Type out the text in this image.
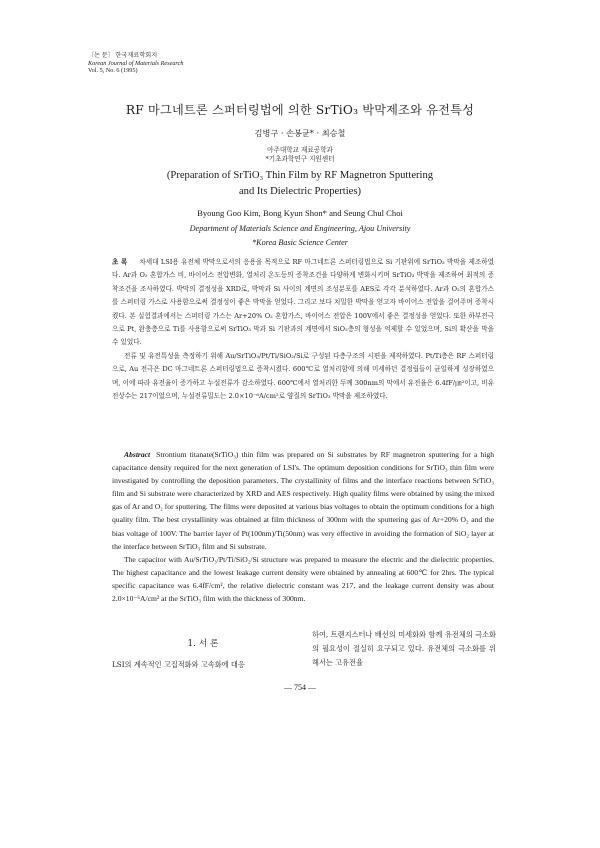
〔논 문〕 한국재료학회지
Korean Journal of Materials Research
Vol. 5, No. 6 (1995)
RF 마그네트론 스퍼터링법에 의한 SrTiO₃ 박막제조와 유전특성
김병구 · 손봉균* · 최승철
아주대학교 재료공학과
*기초과학연구 지원센터
(Preparation of SrTiO₃ Thin Film by RF Magnetron Sputtering
and Its Dielectric Properties)
Byoung Goo Kim, Bong Kyun Shon* and Seung Chul Choi
Department of Materials Science and Engineering, Ajou University
*Korea Basic Science Center

초 록 차세대 LSI용 유전체 박막으로서의 응용을 목적으로 RF 마그네트론 스퍼터링법으로 Si 기판위에 SrTiO₃ 박막을 제조하였다. Ar과 O₂ 혼합가스 비, 바이어스 전압변화, 열처리 온도등의 증착조건을 다양하게 변화시키며 SrTiO₃ 박막을 제조하여 최적의 증착조건을 조사하였다. 박막의 결정성을 XRD로, 박막과 Si 사이의 계면의 조성분포를 AES로 각각 분석하였다. Ar과 O₂의 혼합가스를 스퍼터링 가스로 사용함으로써 결정성이 좋은 박막을 얻었다. 그리고 보다 치밀한 박막을 얻고자 바이어스 전압을 걸어주며 증착시켰다. 본 실험결과에서는 스퍼터링 가스는 Ar+20% O₂ 혼합가스, 바이어스 전압은 100V에서 좋은 결정성을 얻었다. 또한 하부전극으로 Pt, 완충층으로 Ti를 사용함으로써 SrTiO₃ 막과 Si 기판과의 계면에서 SiO₂층의 형성을 억제할 수 있었으며, Si의 확산을 막을 수 있었다.

전류 및 유전특성을 측정하기 위해 Au/SrTiO₃/Pt/Ti/SiO₂/Si로 구성된 다층구조의 시편을 제작하였다. Pt/Ti층은 RF 스퍼터링으로, Au 전극은 DC 마그네트론 스퍼터링법으로 증착시켰다. 600℃로 열처리함에 의해 미세하던 결정립들이 균일하게 성장하였으며, 이에 따라 유전율이 증가하고 누설전류가 감소하였다. 600℃에서 열처리한 두께 300nm의 막에서 유전율은 6.4fF/㎛²이고, 비유전상수는 217이었으며, 누설전류밀도는 2.0×10⁻⁶A/cm²로 양질의 SrTiO₃ 박막을 제조하였다.

Abstract Strontium titanate(SrTiO₃) thin film was prepared on Si substrates by RF magnetron sputtering for a high capacitance density required for the next generation of LSI's. The optimum deposition conditions for SrTiO₃ thin film were investigated by controlling the deposition parameters. The crystallinity of films and the interface reactions between SrTiO₃ film and Si substrate were characterized by XRD and AES respectively. High quality films were obtained by using the mixed gas of Ar and O₂ for sputtering. The films were deposited at various bias voltages to obtain the optimum conditions for a high quality film. The best crystallinity was obtained at film thickness of 300nm with the sputtering gas of Ar+20% O₂ and the bias voltage of 100V. The barrier layer of Pt(100nm)/Ti(50nm) was very effective in avoiding the formation of SiO₂ layer at the interface between SrTiO₃ film and Si substrate.

The capacitor with Au/SrTiO₃/Pt/Ti/SiO₂/Si structure was prepared to measure the electric and the dielectric properties. The highest capacitance and the lowest leakage current density were obtained by annealing at 600℃ for 2hrs. The typical specific capacitance was 6.4fF/cm², the relative dielectric constant was 217, and the leakage current density was about 2.0×10⁻⁶A/cm² at the SrTiO₃ film with the thickness of 300nm.

1. 서 론

LSI의 계속적인 고집적화와 고속화에 대응

하여, 트랜지스터나 배선의 미세화와 함께 유전체의 극소화의 필요성이 절실히 요구되고 있다. 유전체의 극소화를 위해서는 고유전율

— 754 —
